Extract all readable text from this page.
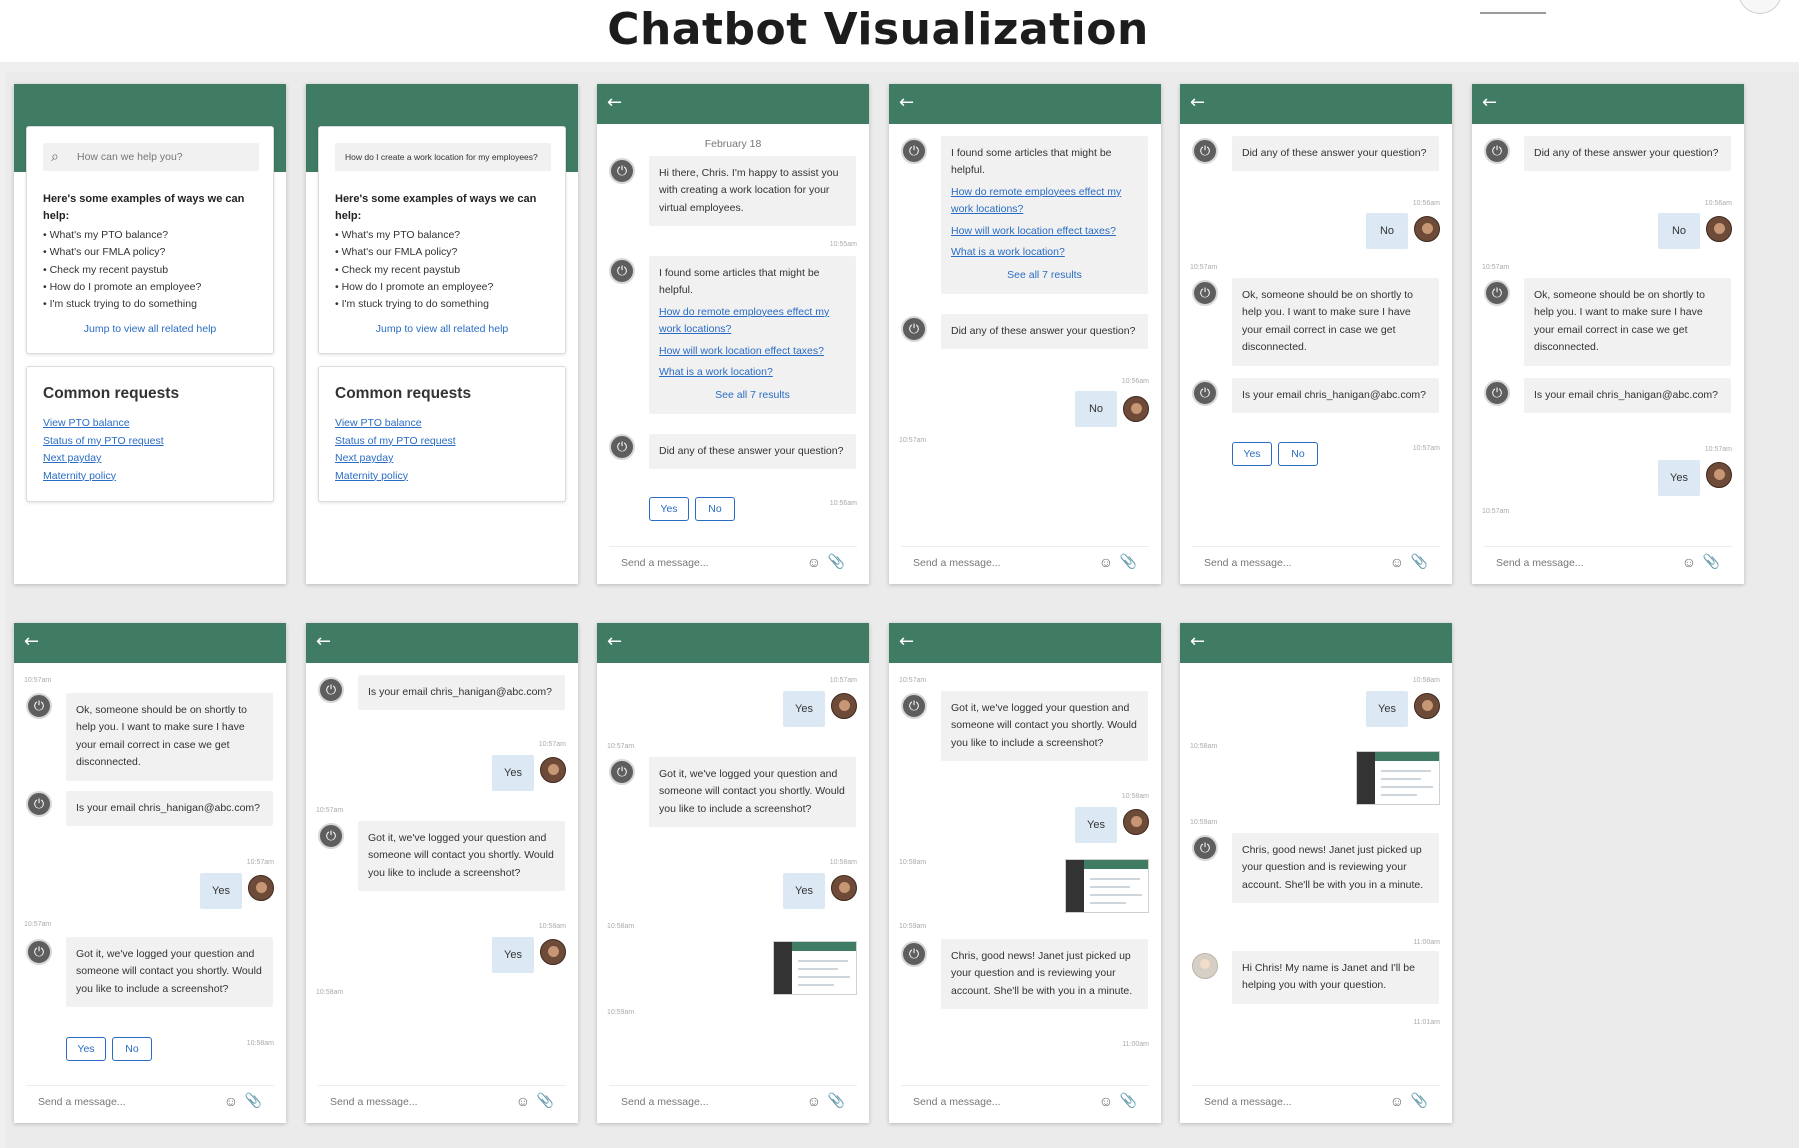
Chatbot Visualization
⌕ How can we help you?
Here's some examples of ways we can help:
• What's my PTO balance?
• What's our FMLA policy?
• Check my recent paystub
• How do I promote an employee?
• I'm stuck trying to do something
Jump to view all related help
Common requests
View PTO balance
Status of my PTO request
Next payday
Maternity policy
How do I create a work location for my employees?
Here's some examples of ways we can help:
• What's my PTO balance?
• What's our FMLA policy?
• Check my recent paystub
• How do I promote an employee?
• I'm stuck trying to do something
Jump to view all related help
Common requests
View PTO balance
Status of my PTO request
Next payday
Maternity policy
←
February 18
⏻	Hi there, Chris. I'm happy to assist you with creating a work location for your virtual employees.
10:55am
⏻	I found some articles that might be helpful.
How do remote employees effect my work locations?
How will work location effect taxes?
What is a work location?
See all 7 results
⏻	Did any of these answer your question?
Yes	No	10:56am
Send a message...	☺ 📎
←
⏻	I found some articles that might be helpful.
How do remote employees effect my work locations?
How will work location effect taxes?
What is a work location?
See all 7 results
⏻	Did any of these answer your question?
10:56am
No
10:57am
Send a message...	☺ 📎
←
⏻	Did any of these answer your question?
10:56am
No
10:57am
⏻	Ok, someone should be on shortly to help you. I want to make sure I have your email correct in case we get disconnected.
⏻	Is your email chris_hanigan@abc.com?
Yes	No	10:57am
Send a message...	☺ 📎
←
⏻	Did any of these answer your question?
10:56am
No
10:57am
⏻	Ok, someone should be on shortly to help you. I want to make sure I have your email correct in case we get disconnected.
⏻	Is your email chris_hanigan@abc.com?
10:57am
Yes
10:57am
Send a message...	☺ 📎
←
10:57am
⏻	Ok, someone should be on shortly to help you. I want to make sure I have your email correct in case we get disconnected.
⏻	Is your email chris_hanigan@abc.com?
10:57am
Yes
10:57am
⏻	Got it, we've logged your question and someone will contact you shortly. Would you like to include a screenshot?
Yes	No	10:58am
Send a message...	☺ 📎
←
⏻	Is your email chris_hanigan@abc.com?
10:57am
Yes
10:57am
⏻	Got it, we've logged your question and someone will contact you shortly. Would you like to include a screenshot?
10:58am
Yes
10:58am
Send a message...	☺ 📎
←
10:57am
Yes
10:57am
⏻	Got it, we've logged your question and someone will contact you shortly. Would you like to include a screenshot?
10:58am
Yes
10:58am
10:59am
Send a message...	☺ 📎
←
10:57am
⏻	Got it, we've logged your question and someone will contact you shortly. Would you like to include a screenshot?
10:58am
Yes
10:58am
10:59am
⏻	Chris, good news! Janet just picked up your question and is reviewing your account. She'll be with you in a minute.
11:00am
Send a message...	☺ 📎
←
10:58am
Yes
10:58am
10:59am
⏻	Chris, good news! Janet just picked up your question and is reviewing your account. She'll be with you in a minute.
11:00am
Hi Chris! My name is Janet and I'll be helping you with your question.
11:01am
Send a message...	☺ 📎
